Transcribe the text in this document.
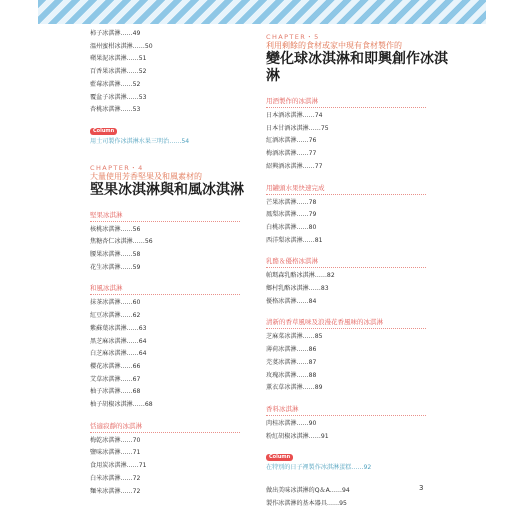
柿子冰淇淋……49
溫州蜜柑冰淇淋……50
蘋果泥冰淇淋……51
百香果冰淇淋……52
藍莓冰淇淋……52
覆盆子冰淇淋……53
杏桃冰淇淋……53
Column
用土司製作冰淇淋水果三明治……54
CHAPTER・4
大量使用芳香堅果及和風素材的
堅果冰淇淋與和風冰淇淋
堅果冰淇淋
核桃冰淇淋……56
焦糖杏仁冰淇淋……56
腰果冰淇淋……58
花生冰淇淋……59
和風冰淇淋
抹茶冰淇淋……60
紅豆冰淇淋……62
紫蘇葉冰淇淋……63
黑芝麻冰淇淋……64
白芝麻冰淇淋……64
櫻花冰淇淋……66
艾草冰淇淋……67
柚子冰淇淋……68
柚子胡椒冰淇淋……68
恬適寂靜的冰淇淋
梅乾冰淇淋……70
鹽味冰淇淋……71
食用炭冰淇淋……71
白米冰淇淋……72
麵米冰淇淋……72
CHAPTER・5
利用剩餘的食材或家中現有食材製作的
變化球冰淇淋和即興創作冰淇淋
用酒製作的冰淇淋
日本酒冰淇淋……74
日本甘酒冰淇淋……75
紅酒冰淇淋……76
梅酒冰淇淋……77
紹興酒冰淇淋……77
用罐頭水果快速完成
芒果冰淇淋……78
鳳梨冰淇淋……79
白桃冰淇淋……80
西洋梨冰淇淋……81
乳酪＆優格冰淇淋
帕瑪森乳酪冰淇淋……82
鄉村乳酪冰淇淋……83
優格冰淇淋……84
清新的香草風味及浪漫花香風味的冰淇淋
芝麻菜冰淇淋……85
薄荷冰淇淋……86
芫荽冰淇淋……87
玫瑰冰淇淋……88
薰衣草冰淇淋……89
香料冰淇淋
肉桂冰淇淋……90
粉紅胡椒冰淇淋……91
Column
在特別的日子裡製作冰淇淋蛋糕……92
做出美味冰淇淋的Q＆A……94
製作冰淇淋的基本器具……95
3
